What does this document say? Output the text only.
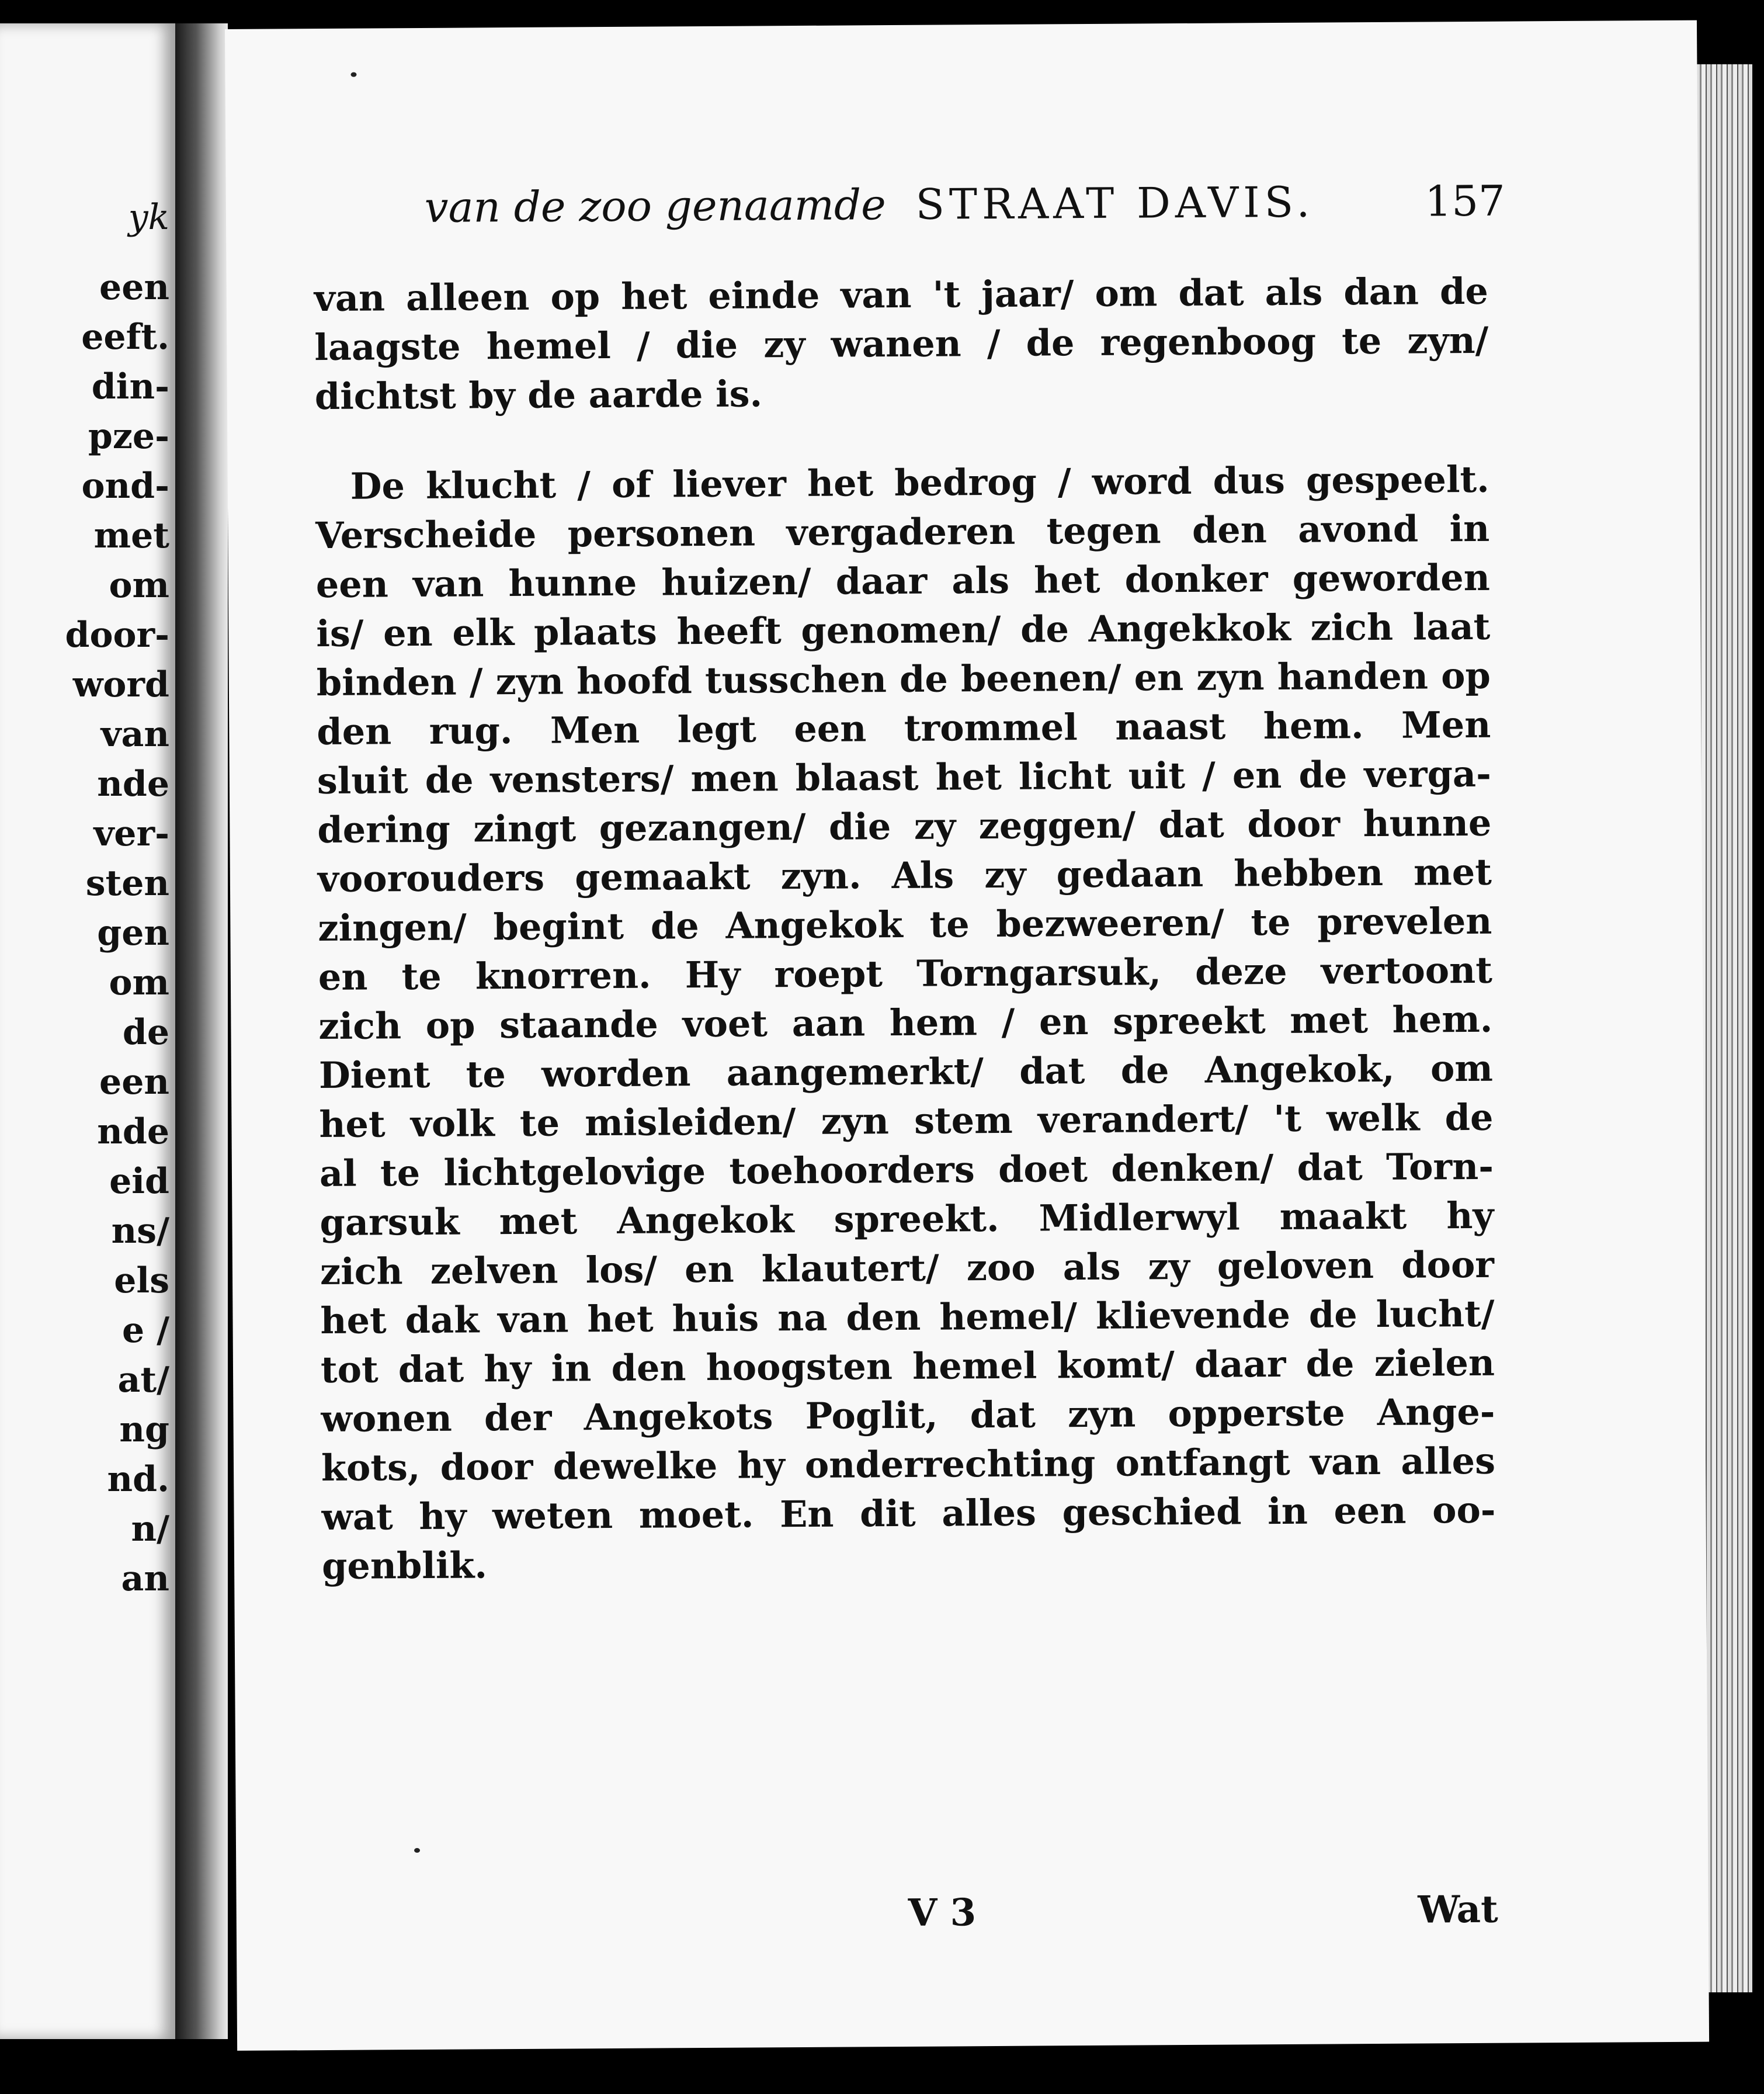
yk
een
eeft.
din-
pze-
ond-
met
om
door-
word
van
nde
ver-
sten
gen
om
de
een
nde
eid
ns/
els
e /
at/
ng
nd.
n/
an
van de zoo genaamde STRAAT DAVIS.	157
van alleen op het einde van 't jaar/ om dat als dan de
laagste hemel / die zy wanen / de regenboog te zyn/
dichtst by de aarde is.
De klucht / of liever het bedrog / word dus gespeelt.
Verscheide personen vergaderen tegen den avond in
een van hunne huizen/ daar als het donker geworden
is/ en elk plaats heeft genomen/ de Angekkok zich laat
binden / zyn hoofd tusschen de beenen/ en zyn handen op
den rug. Men legt een trommel naast hem. Men
sluit de vensters/ men blaast het licht uit / en de verga-
dering zingt gezangen/ die zy zeggen/ dat door hunne
voorouders gemaakt zyn. Als zy gedaan hebben met
zingen/ begint de Angekok te bezweeren/ te prevelen
en te knorren. Hy roept Torngarsuk, deze vertoont
zich op staande voet aan hem / en spreekt met hem.
Dient te worden aangemerkt/ dat de Angekok, om
het volk te misleiden/ zyn stem verandert/ 't welk de
al te lichtgelovige toehoorders doet denken/ dat Torn-
garsuk met Angekok spreekt. Midlerwyl maakt hy
zich zelven los/ en klautert/ zoo als zy geloven door
het dak van het huis na den hemel/ klievende de lucht/
tot dat hy in den hoogsten hemel komt/ daar de zielen
wonen der Angekots Poglit, dat zyn opperste Ange-
kots, door dewelke hy onderrechting ontfangt van alles
wat hy weten moet. En dit alles geschied in een oo-
genblik.
V 3	Wat
